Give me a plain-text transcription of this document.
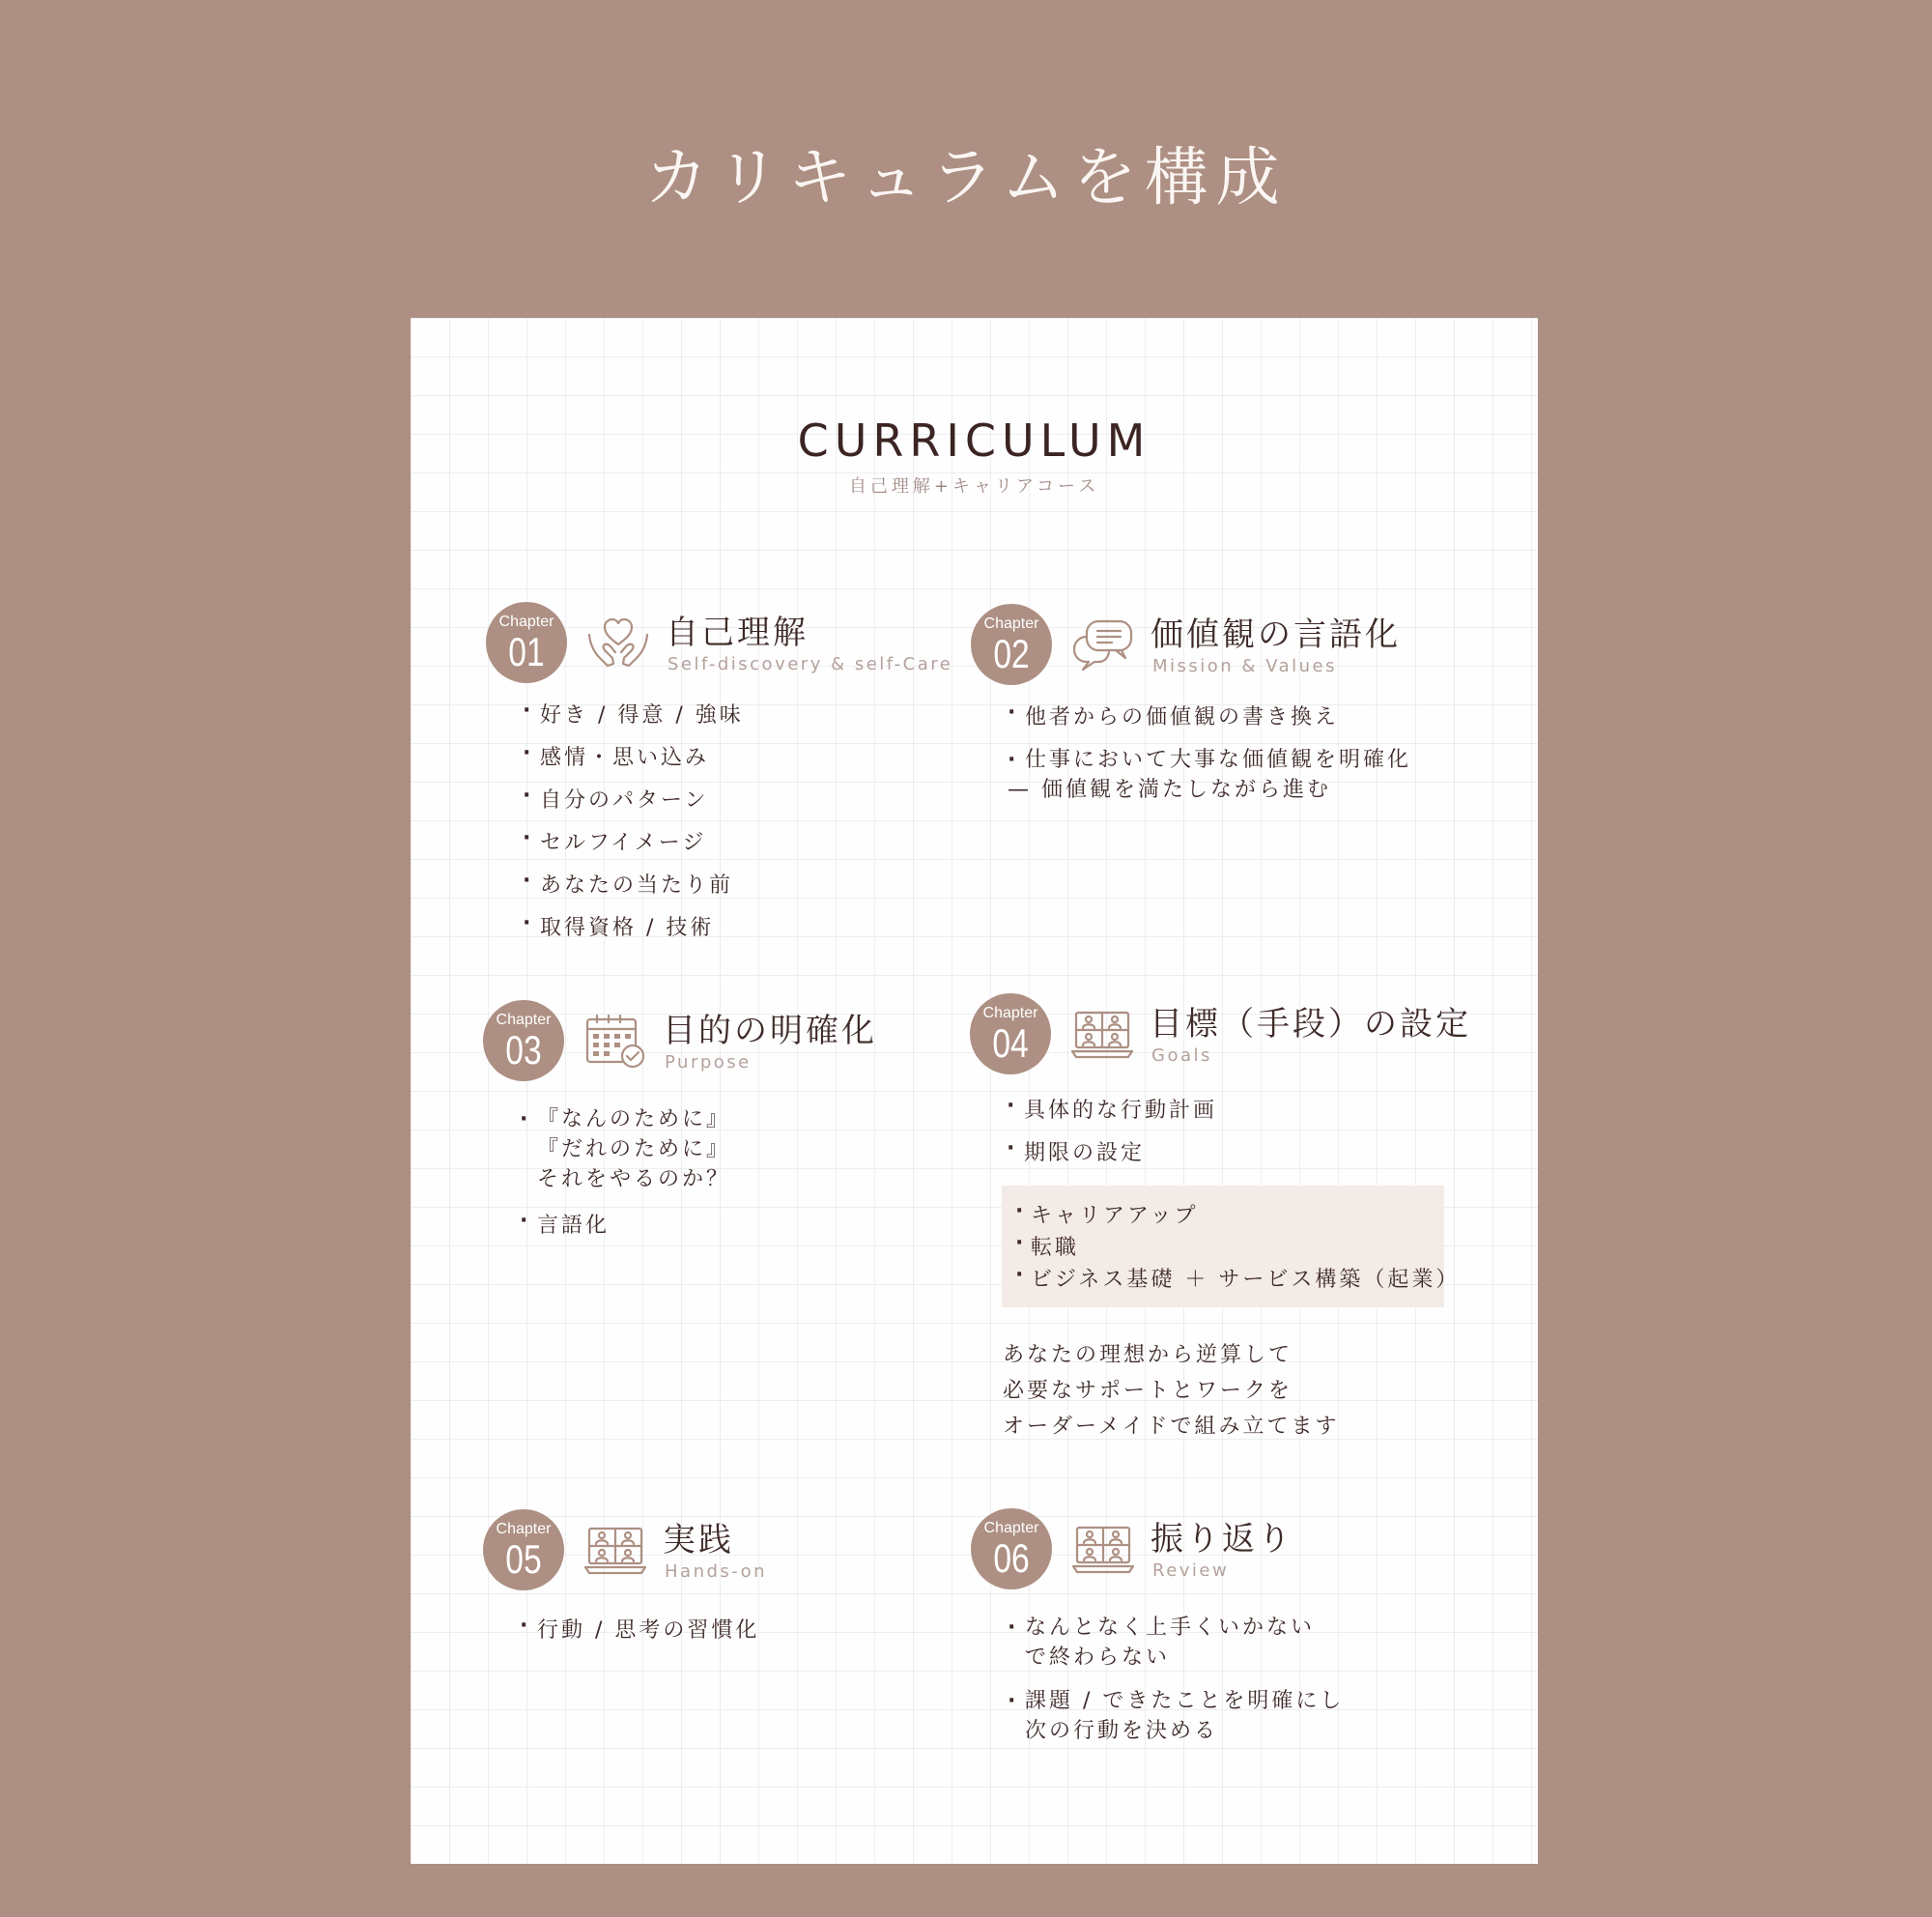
カリキュラムを構成
CURRICULUM
自己理解+キャリアコース
Chapter
01	自己理解
Self-discovery & self-Care
· 好き / 得意 / 強味
· 感情・思い込み
· 自分のパターン
· セルフイメージ
· あなたの当たり前
· 取得資格 / 技術
Chapter
02	価値観の言語化
Mission & Values
· 他者からの価値観の書き換え
· 仕事において大事な価値観を明確化
— 価値観を満たしながら進む
Chapter
03	目的の明確化
Purpose
· 『なんのために』
『だれのために』
それをやるのか？
· 言語化
Chapter
04	目標（手段）の設定
Goals
· 具体的な行動計画
· 期限の設定
· キャリアアップ
· 転職
· ビジネス基礎 ＋ サービス構築（起業）
あなたの理想から逆算して
必要なサポートとワークを
オーダーメイドで組み立てます
Chapter
05	実践
Hands-on
· 行動 / 思考の習慣化
Chapter
06	振り返り
Review
· なんとなく上手くいかない
で終わらない
· 課題 / できたことを明確にし
次の行動を決める
